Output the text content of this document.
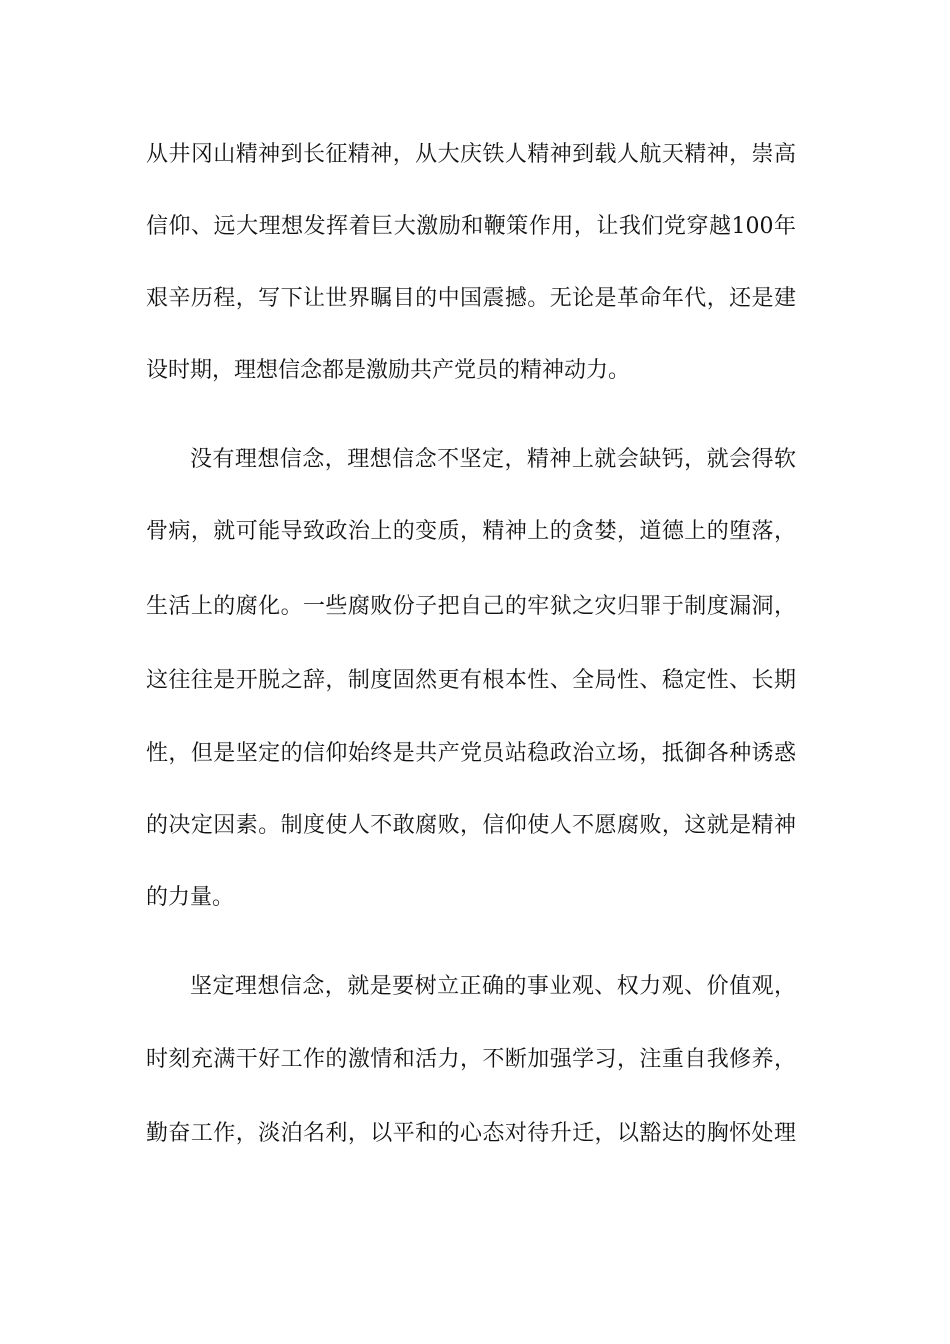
从井冈山精神到长征精神，从大庆铁人精神到载人航天精神，崇高
信仰、远大理想发挥着巨大激励和鞭策作用，让我们党穿越100年
艰辛历程，写下让世界瞩目的中国震撼。无论是革命年代，还是建
设时期，理想信念都是激励共产党员的精神动力。
没有理想信念，理想信念不坚定，精神上就会缺钙，就会得软
骨病，就可能导致政治上的变质，精神上的贪婪，道德上的堕落，
生活上的腐化。一些腐败份子把自己的牢狱之灾归罪于制度漏洞，
这往往是开脱之辞，制度固然更有根本性、全局性、稳定性、长期
性，但是坚定的信仰始终是共产党员站稳政治立场，抵御各种诱惑
的决定因素。制度使人不敢腐败，信仰使人不愿腐败，这就是精神
的力量。
坚定理想信念，就是要树立正确的事业观、权力观、价值观，
时刻充满干好工作的激情和活力，不断加强学习，注重自我修养，
勤奋工作，淡泊名利，以平和的心态对待升迁，以豁达的胸怀处理
